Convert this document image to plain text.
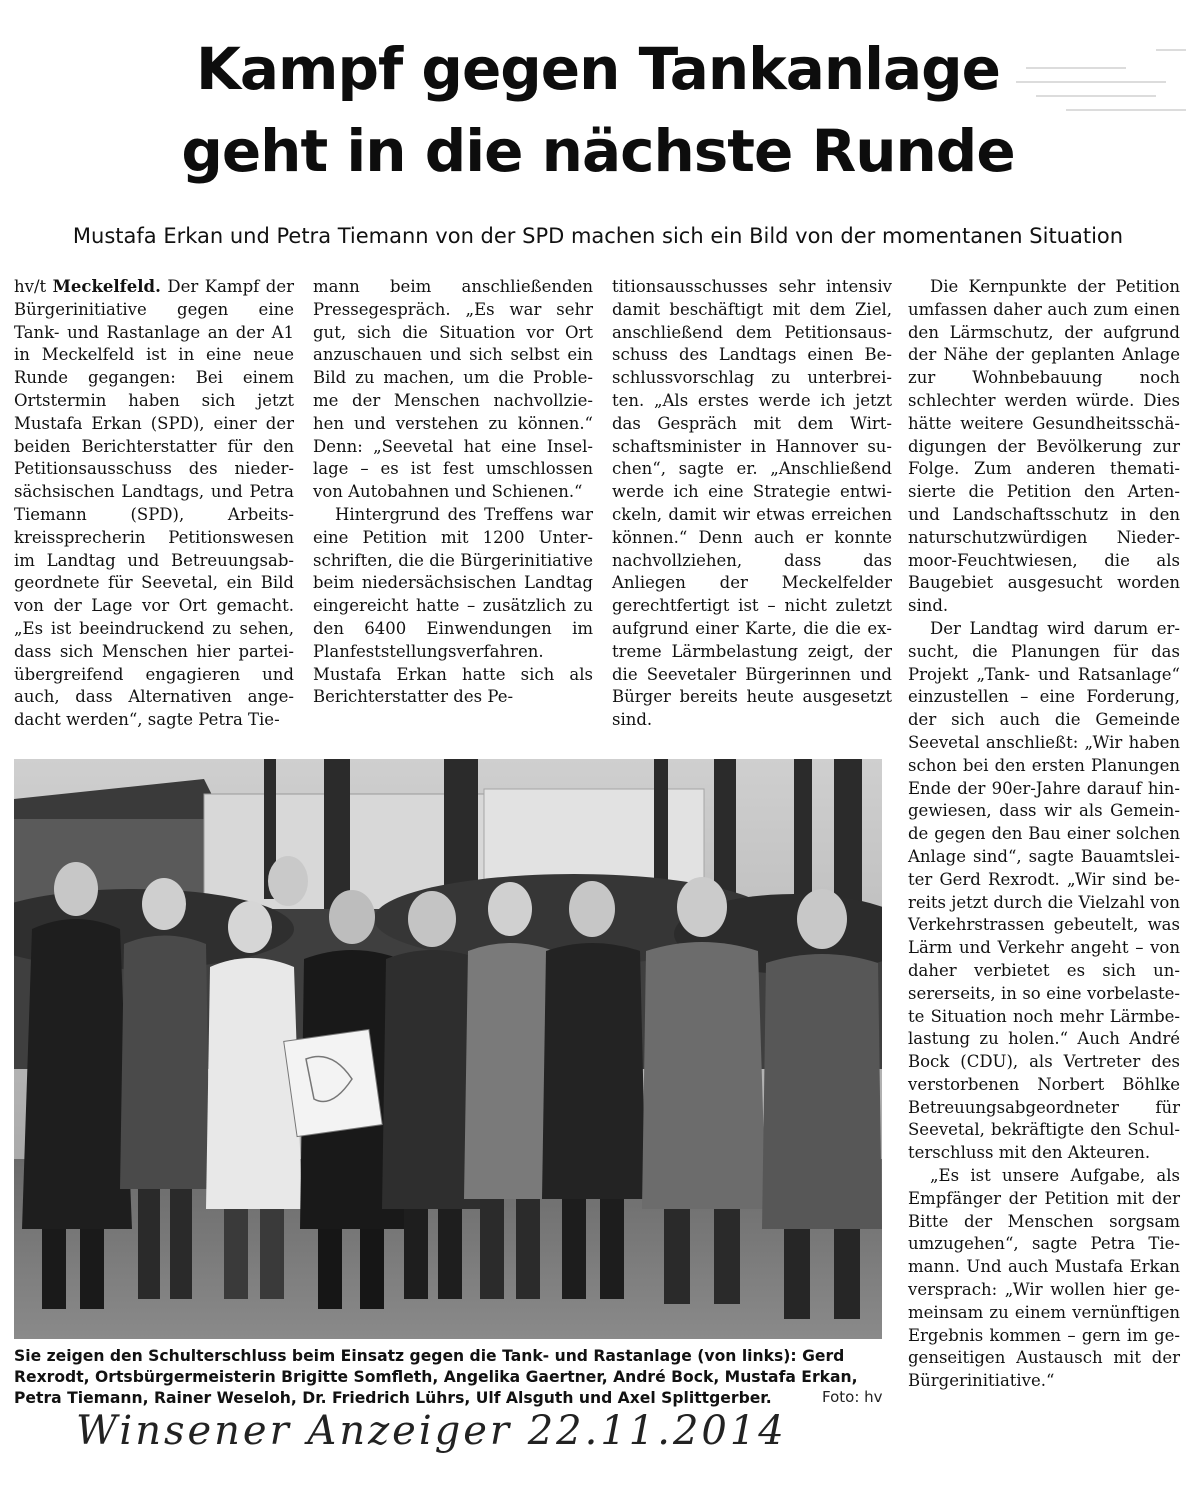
Kampf gegen Tankanlage
geht in die nächste Runde
Mustafa Erkan und Petra Tiemann von der SPD machen sich ein Bild von der momentanen Situation

hv/t Meckelfeld. Der Kampf der Bürgerinitiative gegen eine Tank- und Rastanlage an der A1 in Meckelfeld ist in eine neue Runde gegangen: Bei einem Ortstermin haben sich jetzt Mustafa Erkan (SPD), einer der beiden Berichterstatter für den Petitionsausschuss des niedersächsischen Landtags, und Petra Tiemann (SPD), Arbeitskreissprecherin Petitionswesen im Landtag und Betreuungsabgeordnete für Seevetal, ein Bild von der Lage vor Ort gemacht. „Es ist beeindruckend zu sehen, dass sich Menschen hier parteiübergreifend engagieren und auch, dass Alternativen angedacht werden“, sagte Petra Tie-

mann beim anschließenden Pressegespräch. „Es war sehr gut, sich die Situation vor Ort anzuschauen und sich selbst ein Bild zu machen, um die Probleme der Menschen nachvollziehen und verstehen zu können.“ Denn: „Seevetal hat eine Insellage – es ist fest umschlossen von Autobahnen und Schienen.“

Hintergrund des Treffens war eine Petition mit 1200 Unterschriften, die die Bürgerinitiative beim niedersächsischen Landtag eingereicht hatte – zusätzlich zu den 6400 Einwendungen im Planfeststellungsverfahren. Mustafa Erkan hatte sich als Berichterstatter des Pe-

titionsausschusses sehr intensiv damit beschäftigt mit dem Ziel, anschließend dem Petitionsausschuss des Landtags einen Beschlussvorschlag zu unterbreiten. „Als erstes werde ich jetzt das Gespräch mit dem Wirtschaftsminister in Hannover suchen“, sagte er. „Anschließend werde ich eine Strategie entwickeln, damit wir etwas erreichen können.“ Denn auch er konnte nachvollziehen, dass das Anliegen der Meckelfelder gerechtfertigt ist – nicht zuletzt aufgrund einer Karte, die die extreme Lärmbelastung zeigt, der die Seevetaler Bürgerinnen und Bürger bereits heute ausgesetzt sind.

Die Kernpunkte der Petition umfassen daher auch zum einen den Lärmschutz, der aufgrund der Nähe der geplanten Anlage zur Wohnbebauung noch schlechter werden würde. Dies hätte weitere Gesundheitsschädigungen der Bevölkerung zur Folge. Zum anderen thematisierte die Petition den Arten- und Landschaftsschutz in den naturschutzwürdigen Niedermoor-Feuchtwiesen, die als Baugebiet ausgesucht worden sind.

Der Landtag wird darum ersucht, die Planungen für das Projekt „Tank- und Ratsanlage“ einzustellen – eine Forderung, der sich auch die Gemeinde Seevetal anschließt: „Wir haben schon bei den ersten Planungen Ende der 90er-Jahre darauf hingewiesen, dass wir als Gemeinde gegen den Bau einer solchen Anlage sind“, sagte Bauamtsleiter Gerd Rexrodt. „Wir sind bereits jetzt durch die Vielzahl von Verkehrstrassen gebeutelt, was Lärm und Verkehr angeht – von daher verbietet es sich unsererseits, in so eine vorbelastete Situation noch mehr Lärmbelastung zu holen.“ Auch André Bock (CDU), als Vertreter des verstorbenen Norbert Böhlke Betreuungsabgeordneter für Seevetal, bekräftigte den Schulterschluss mit den Akteuren.

„Es ist unsere Aufgabe, als Empfänger der Petition mit der Bitte der Menschen sorgsam umzugehen“, sagte Petra Tiemann. Und auch Mustafa Erkan versprach: „Wir wollen hier gemeinsam zu einem vernünftigen Ergebnis kommen – gern im gegenseitigen Austausch mit der Bürgerinitiative.“

Sie zeigen den Schulterschluss beim Einsatz gegen die Tank- und Rastanlage (von links): Gerd Rexrodt, Ortsbürgermeisterin Brigitte Somfleth, Angelika Gaertner, André Bock, Mustafa Erkan, Petra Tiemann, Rainer Weseloh, Dr. Friedrich Lührs, Ulf Alsguth und Axel Splittgerber.	Foto: hv
Winsener Anzeiger 22.11.2014
